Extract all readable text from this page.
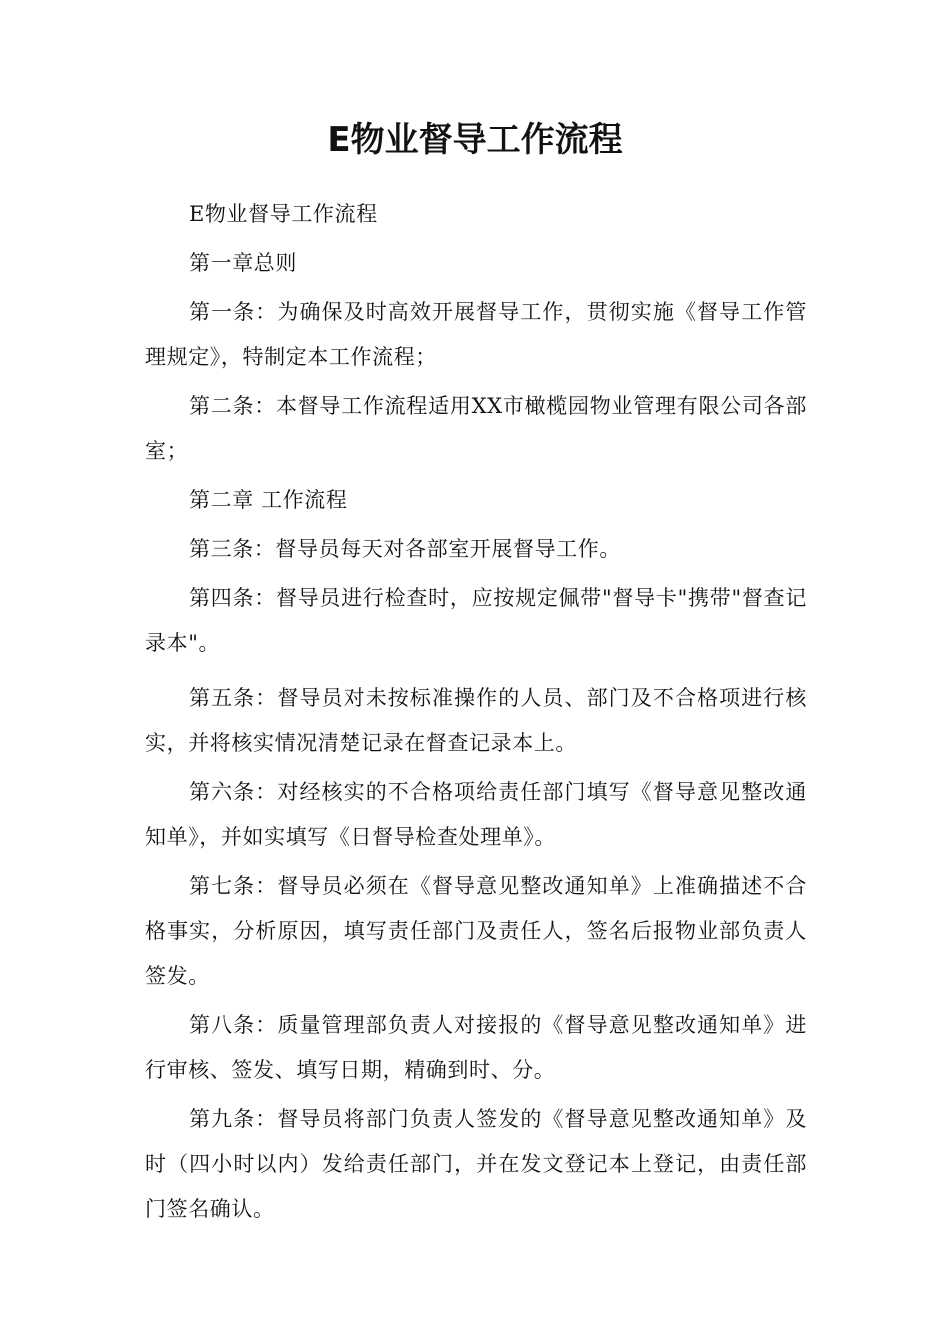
E物业督导工作流程

E物业督导工作流程

第一章总则

第一条：为确保及时高效开展督导工作，贯彻实施《督导工作管理规定》，特制定本工作流程；

第二条：本督导工作流程适用XX市橄榄园物业管理有限公司各部室；

第二章 工作流程

第三条：督导员每天对各部室开展督导工作。

第四条：督导员进行检查时，应按规定佩带"督导卡"携带"督查记录本"。

第五条：督导员对未按标准操作的人员、部门及不合格项进行核实，并将核实情况清楚记录在督查记录本上。

第六条：对经核实的不合格项给责任部门填写《督导意见整改通知单》，并如实填写《日督导检查处理单》。

第七条：督导员必须在《督导意见整改通知单》上准确描述不合格事实，分析原因，填写责任部门及责任人，签名后报物业部负责人签发。

第八条：质量管理部负责人对接报的《督导意见整改通知单》进行审核、签发、填写日期，精确到时、分。

第九条：督导员将部门负责人签发的《督导意见整改通知单》及时（四小时以内）发给责任部门，并在发文登记本上登记，由责任部门签名确认。
